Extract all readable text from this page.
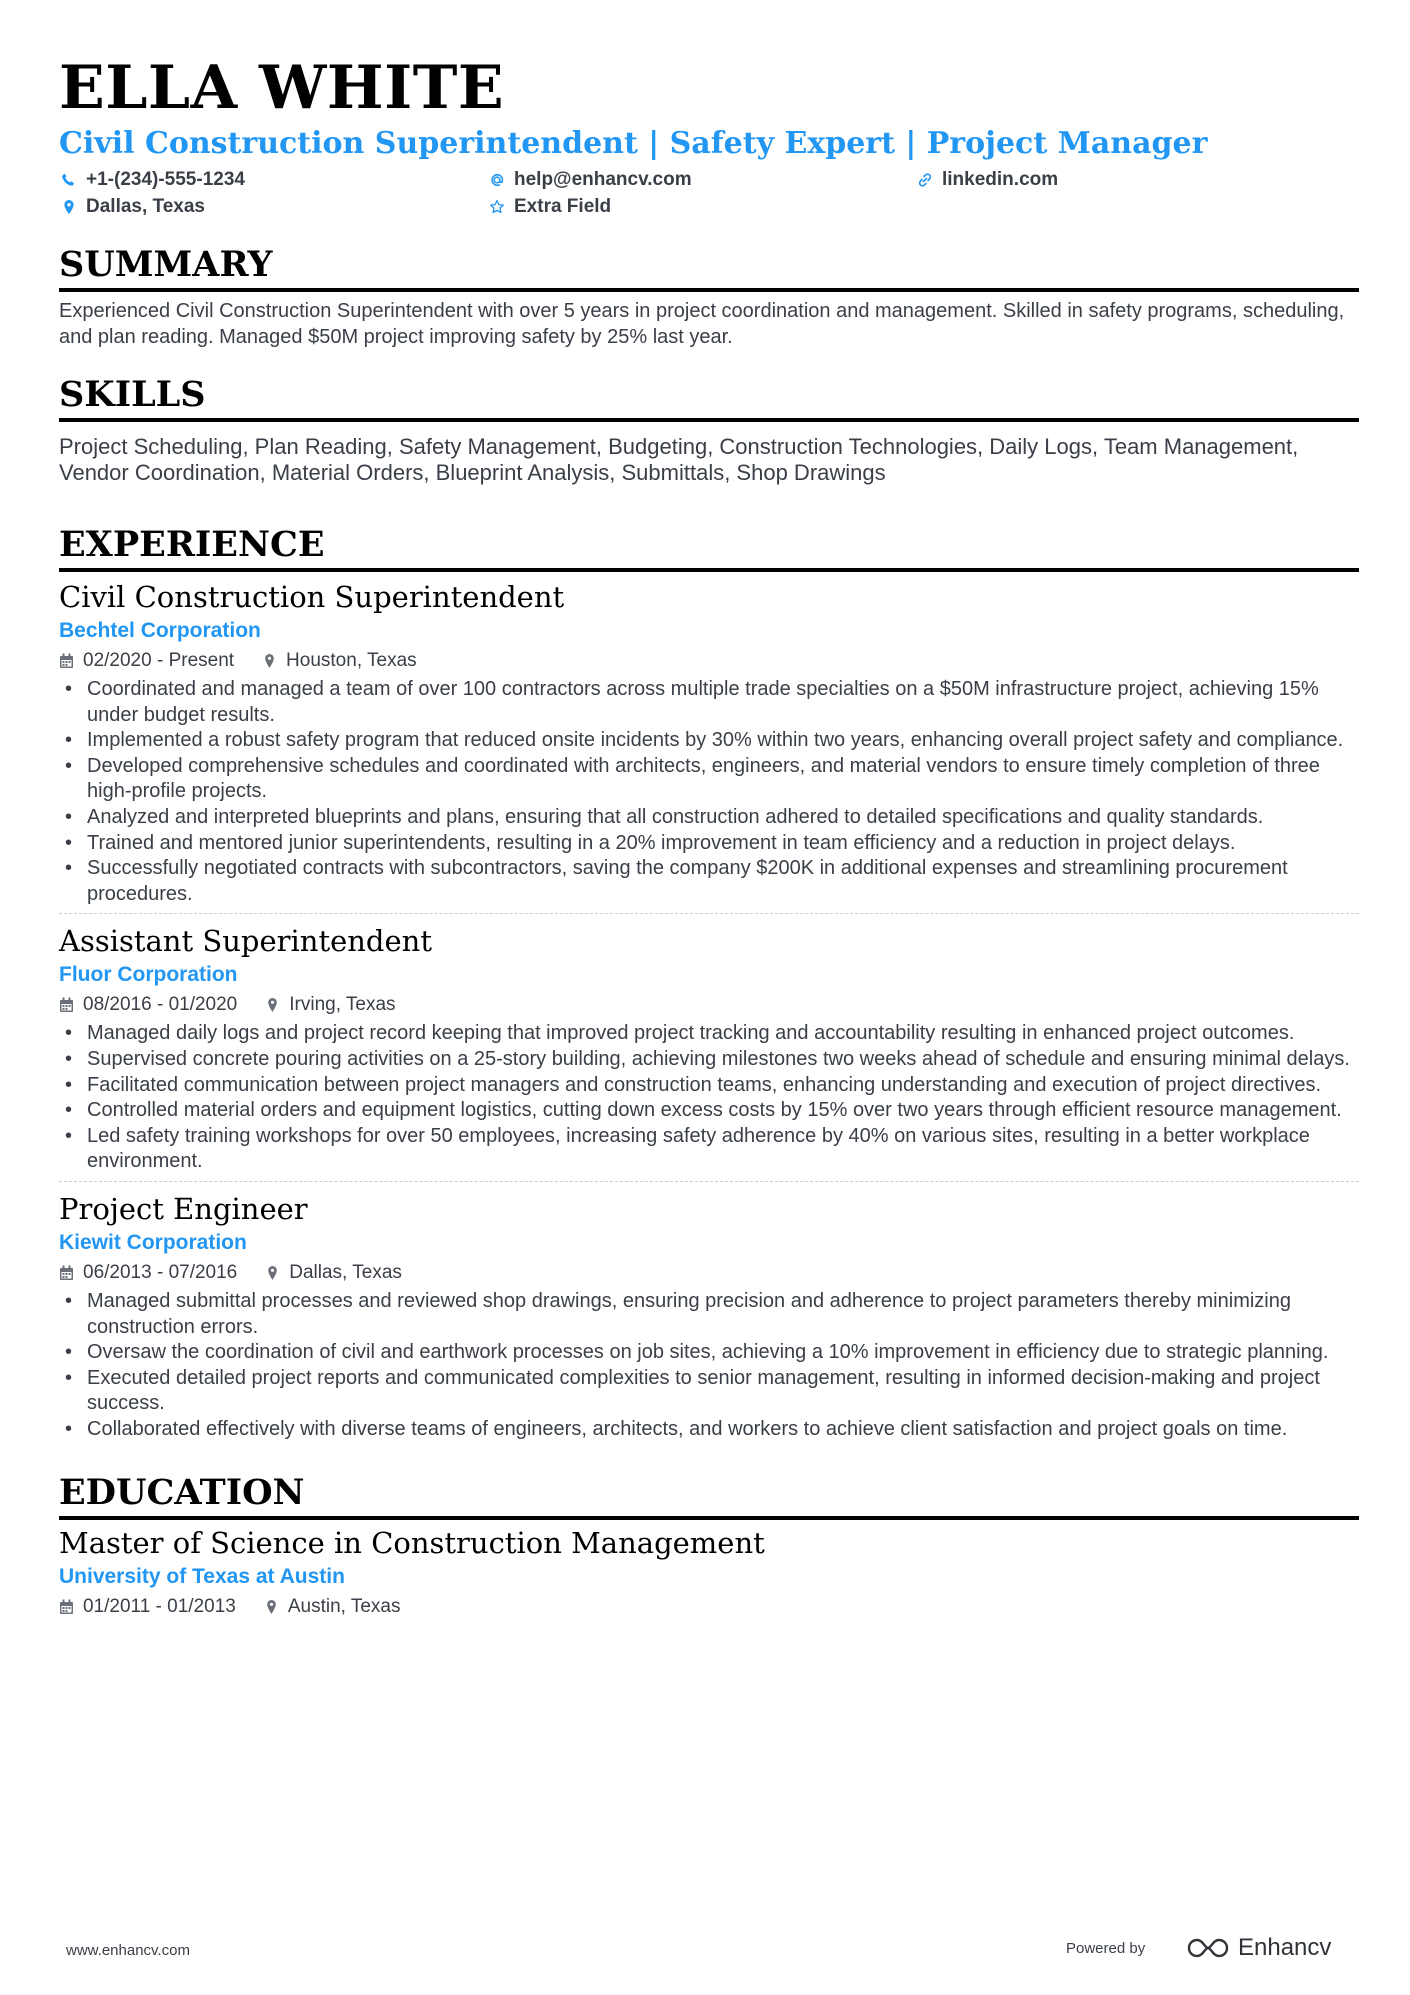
ELLA WHITE
Civil Construction Superintendent | Safety Expert | Project Manager
+1-(234)-555-1234	help@enhancv.com	linkedin.com
Dallas, Texas	Extra Field
SUMMARY
Experienced Civil Construction Superintendent with over 5 years in project coordination and management. Skilled in safety programs, scheduling, and plan reading. Managed $50M project improving safety by 25% last year.
SKILLS
Project Scheduling, Plan Reading, Safety Management, Budgeting, Construction Technologies, Daily Logs, Team Management, Vendor Coordination, Material Orders, Blueprint Analysis, Submittals, Shop Drawings
EXPERIENCE
Civil Construction Superintendent
Bechtel Corporation
02/2020 - Present	Houston, Texas
• Coordinated and managed a team of over 100 contractors across multiple trade specialties on a $50M infrastructure project, achieving 15% under budget results.
• Implemented a robust safety program that reduced onsite incidents by 30% within two years, enhancing overall project safety and compliance.
• Developed comprehensive schedules and coordinated with architects, engineers, and material vendors to ensure timely completion of three high-profile projects.
• Analyzed and interpreted blueprints and plans, ensuring that all construction adhered to detailed specifications and quality standards.
• Trained and mentored junior superintendents, resulting in a 20% improvement in team efficiency and a reduction in project delays.
• Successfully negotiated contracts with subcontractors, saving the company $200K in additional expenses and streamlining procurement procedures.
Assistant Superintendent
Fluor Corporation
08/2016 - 01/2020	Irving, Texas
• Managed daily logs and project record keeping that improved project tracking and accountability resulting in enhanced project outcomes.
• Supervised concrete pouring activities on a 25-story building, achieving milestones two weeks ahead of schedule and ensuring minimal delays.
• Facilitated communication between project managers and construction teams, enhancing understanding and execution of project directives.
• Controlled material orders and equipment logistics, cutting down excess costs by 15% over two years through efficient resource management.
• Led safety training workshops for over 50 employees, increasing safety adherence by 40% on various sites, resulting in a better workplace environment.
Project Engineer
Kiewit Corporation
06/2013 - 07/2016	Dallas, Texas
• Managed submittal processes and reviewed shop drawings, ensuring precision and adherence to project parameters thereby minimizing construction errors.
• Oversaw the coordination of civil and earthwork processes on job sites, achieving a 10% improvement in efficiency due to strategic planning.
• Executed detailed project reports and communicated complexities to senior management, resulting in informed decision-making and project success.
• Collaborated effectively with diverse teams of engineers, architects, and workers to achieve client satisfaction and project goals on time.
EDUCATION
Master of Science in Construction Management
University of Texas at Austin
01/2011 - 01/2013	Austin, Texas
www.enhancv.com	Powered by	Enhancv
